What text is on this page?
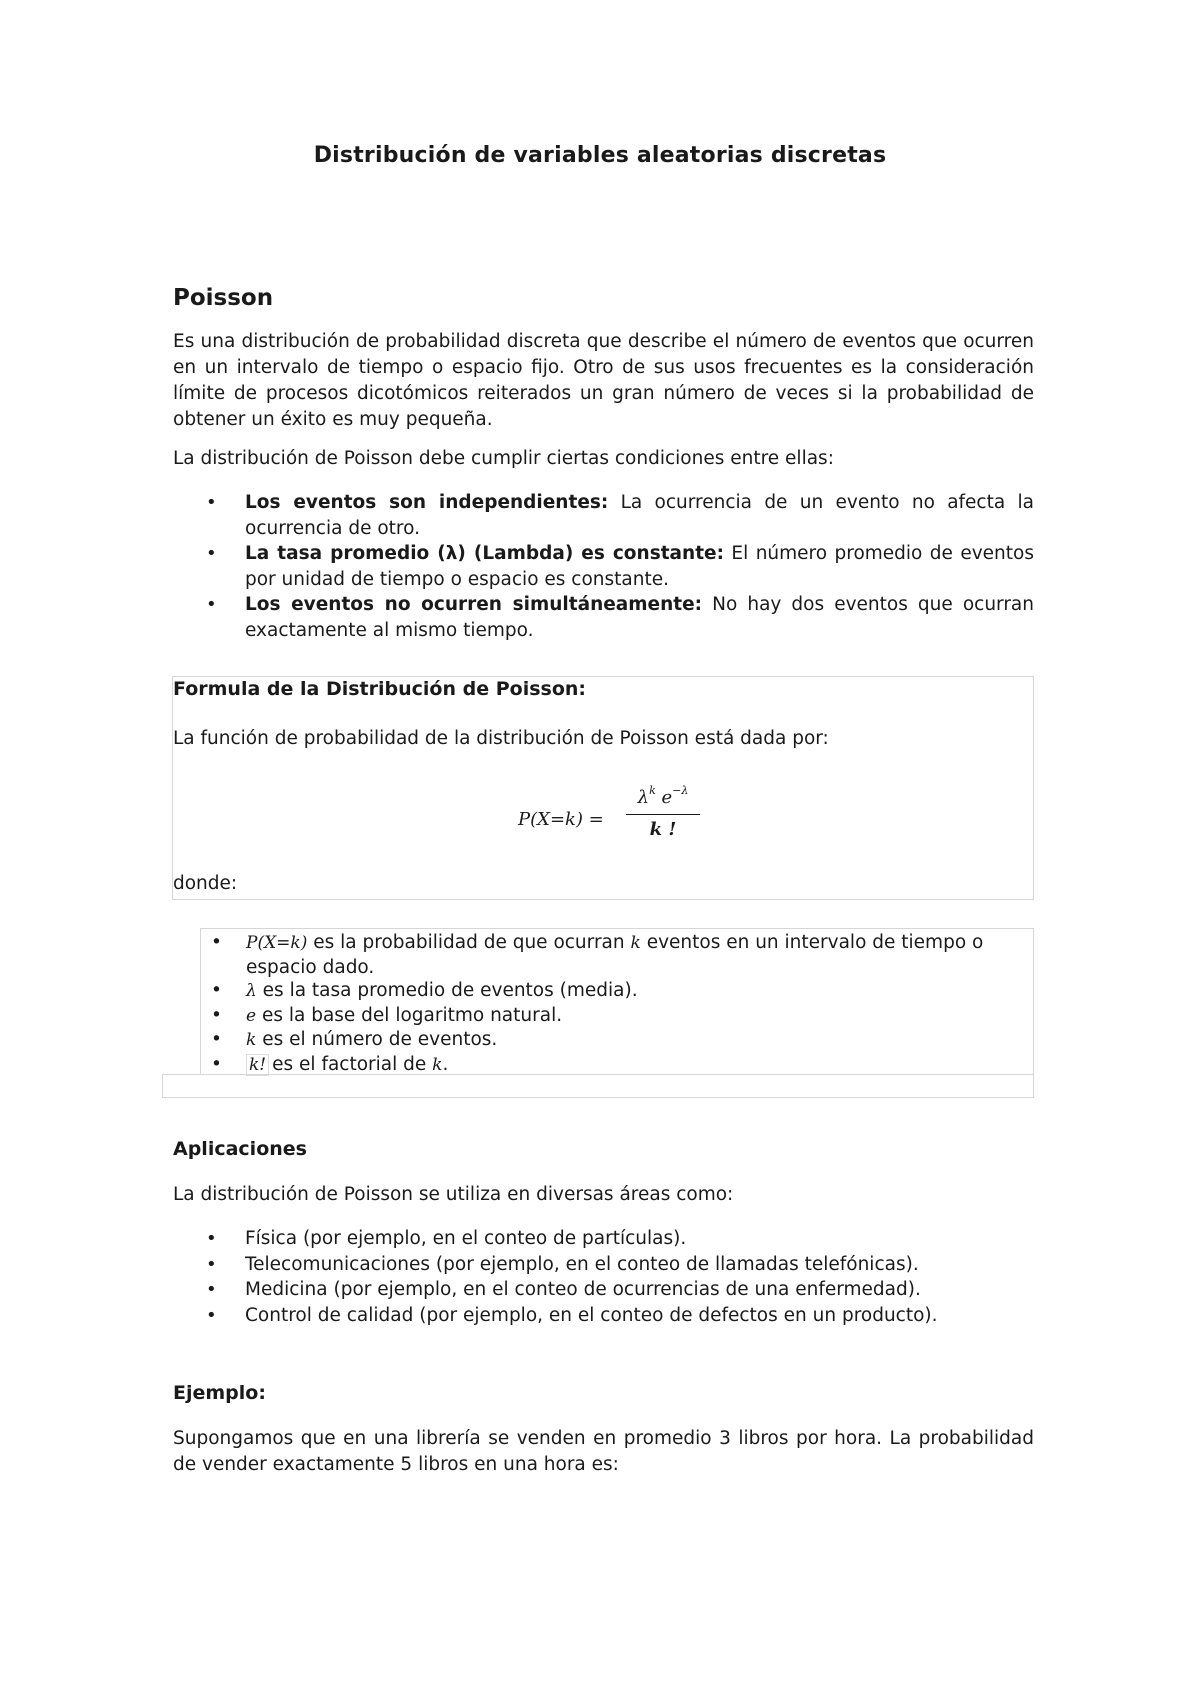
Distribución de variables aleatorias discretas
Poisson

Es una distribución de probabilidad discreta que describe el número de eventos que ocurren en un intervalo de tiempo o espacio fijo. Otro de sus usos frecuentes es la consideración límite de procesos dicotómicos reiterados un gran número de veces si la probabilidad de obtener un éxito es muy pequeña.

La distribución de Poisson debe cumplir ciertas condiciones entre ellas:

• Los eventos son independientes: La ocurrencia de un evento no afecta la ocurrencia de otro.
• La tasa promedio (λ) (Lambda) es constante: El número promedio de eventos por unidad de tiempo o espacio es constante.
• Los eventos no ocurren simultáneamente: No hay dos eventos que ocurran exactamente al mismo tiempo.
Formula de la Distribución de Poisson:
La función de probabilidad de la distribución de Poisson está dada por:
P(X=k) =
$\lambda^k$ $e^{-\lambda}$
k !
donde:
• P(X=k) es la probabilidad de que ocurran k eventos en un intervalo de tiempo o espacio dado.
• λ es la tasa promedio de eventos (media).
• e es la base del logaritmo natural.
• k es el número de eventos.
• k! es el factorial de k.
Aplicaciones

La distribución de Poisson se utiliza en diversas áreas como:

• Física (por ejemplo, en el conteo de partículas).
• Telecomunicaciones (por ejemplo, en el conteo de llamadas telefónicas).
• Medicina (por ejemplo, en el conteo de ocurrencias de una enfermedad).
• Control de calidad (por ejemplo, en el conteo de defectos en un producto).
Ejemplo:

Supongamos que en una librería se venden en promedio 3 libros por hora. La probabilidad de vender exactamente 5 libros en una hora es:
